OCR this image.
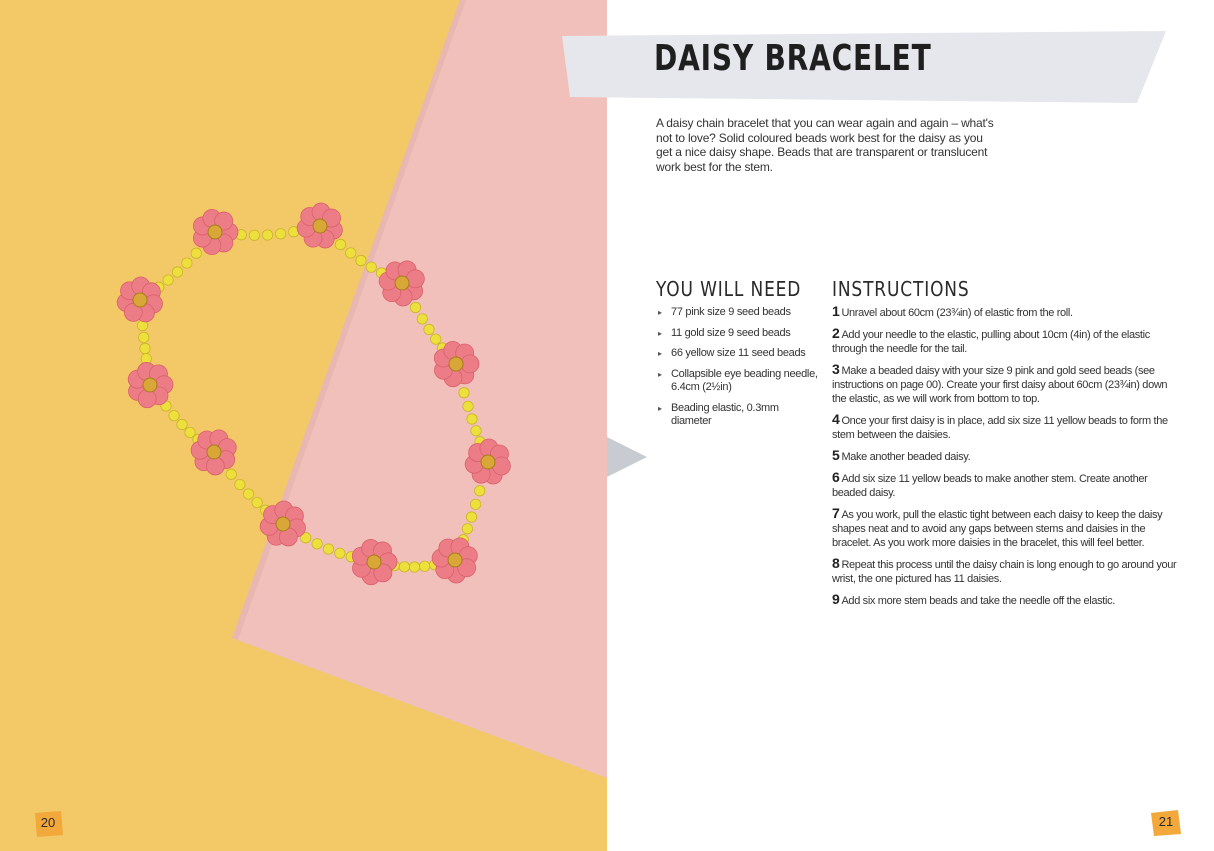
20
DAISY BRACELET
A daisy chain bracelet that you can wear again and again – what's not to love? Solid coloured beads work best for the daisy as you get a nice daisy shape. Beads that are transparent or translucent work best for the stem.
YOU WILL NEED
▸ 77 pink size 9 seed beads
▸ 11 gold size 9 seed beads
▸ 66 yellow size 11 seed beads
▸ Collapsible eye beading needle, 6.4cm (2½in)
▸ Beading elastic, 0.3mm diameter
INSTRUCTIONS
1 Unravel about 60cm (23¾in) of elastic from the roll.
2 Add your needle to the elastic, pulling about 10cm (4in) of the elastic through the needle for the tail.
3 Make a beaded daisy with your size 9 pink and gold seed beads (see instructions on page 00). Create your first daisy about 60cm (23¾in) down the elastic, as we will work from bottom to top.
4 Once your first daisy is in place, add six size 11 yellow beads to form the stem between the daisies.
5 Make another beaded daisy.
6 Add six size 11 yellow beads to make another stem. Create another beaded daisy.
7 As you work, pull the elastic tight between each daisy to keep the daisy shapes neat and to avoid any gaps between stems and daisies in the bracelet. As you work more daisies in the bracelet, this will feel better.
8 Repeat this process until the daisy chain is long enough to go around your wrist, the one pictured has 11 daisies.
9 Add six more stem beads and take the needle off the elastic.
21
